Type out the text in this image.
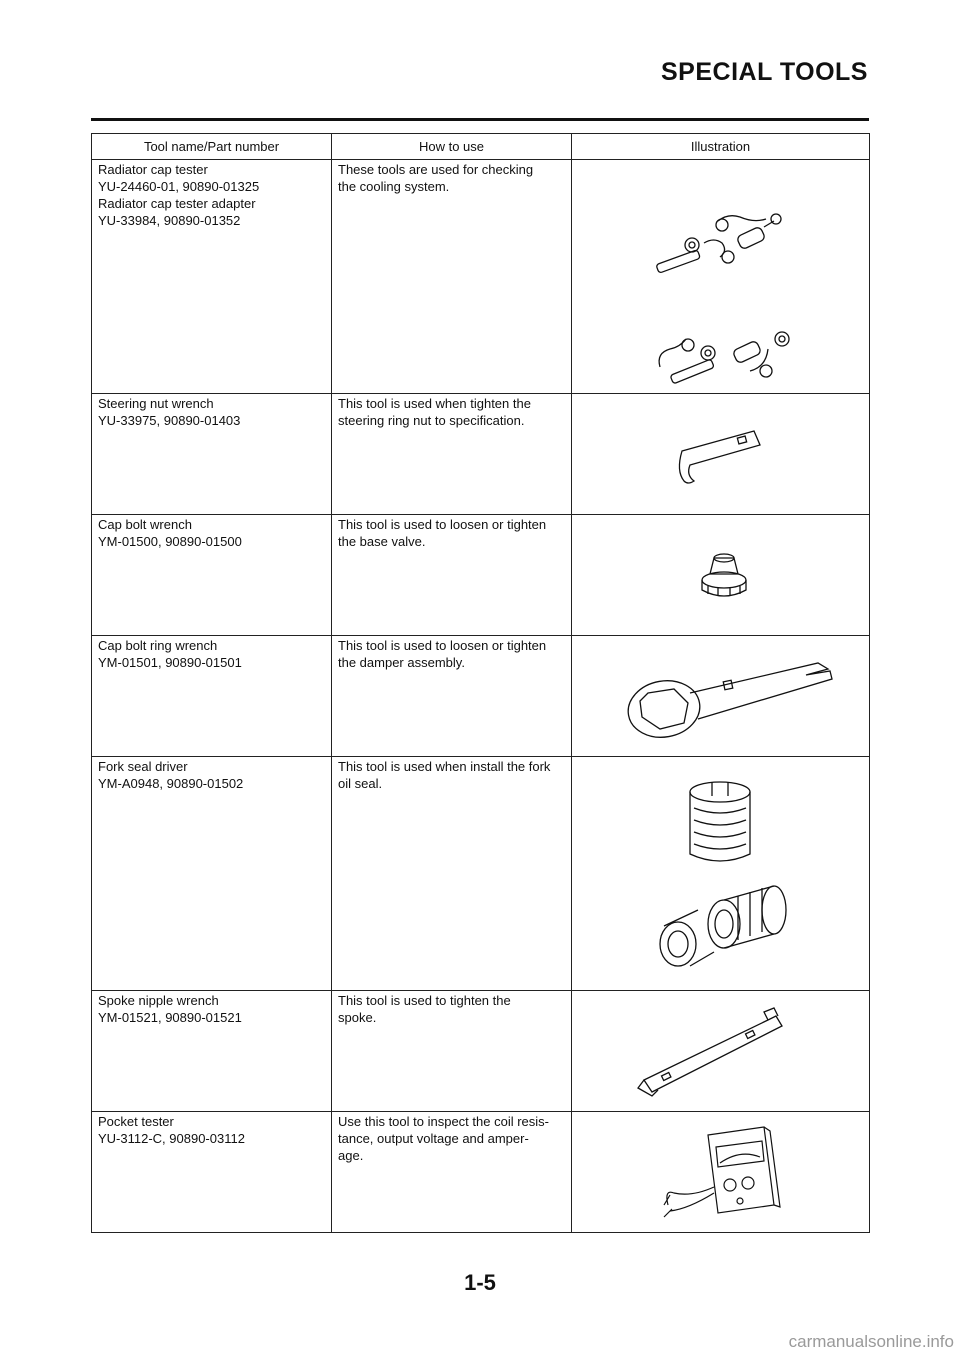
SPECIAL TOOLS
Tool name/Part number	How to use	Illustration

Radiator cap tester
YU-24460-01, 90890-01325
Radiator cap tester adapter
YU-33984, 90890-01352	These tools are used for checking
the cooling system.

Steering nut wrench
YU-33975, 90890-01403	This tool is used when tighten the
steering ring nut to specification.

Cap bolt wrench
YM-01500, 90890-01500	This tool is used to loosen or tighten
the base valve.

Cap bolt ring wrench
YM-01501, 90890-01501	This tool is used to loosen or tighten
the damper assembly.

Fork seal driver
YM-A0948, 90890-01502	This tool is used when install the fork
oil seal.

Spoke nipple wrench
YM-01521, 90890-01521	This tool is used to tighten the
spoke.

Pocket tester
YU-3112-C, 90890-03112	Use this tool to inspect the coil resis-
tance, output voltage and amper-
age.

1-5
carmanualsonline.info
